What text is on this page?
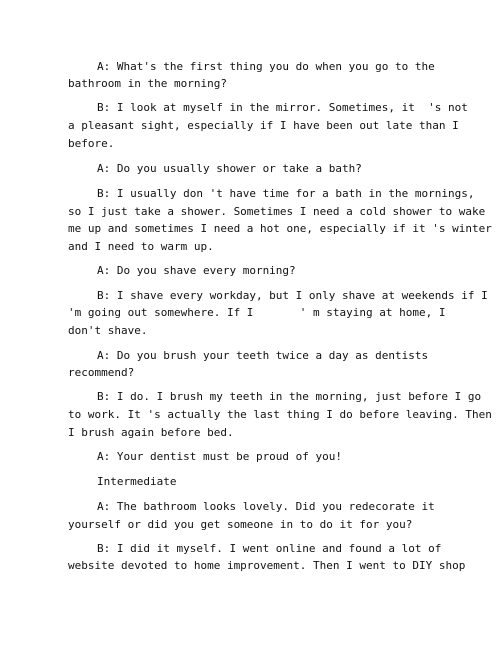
A: What's the first thing you do when you go to the
bathroom in the morning?
B: I look at myself in the mirror. Sometimes, it  's not
a pleasant sight, especially if I have been out late than I
before.
A: Do you usually shower or take a bath?
B: I usually don 't have time for a bath in the mornings,
so I just take a shower. Sometimes I need a cold shower to wake
me up and sometimes I need a hot one, especially if it 's winter
and I need to warm up.
A: Do you shave every morning?
B: I shave every workday, but I only shave at weekends if I
'm going out somewhere. If I       ' m staying at home, I
don't shave.
A: Do you brush your teeth twice a day as dentists
recommend?
B: I do. I brush my teeth in the morning, just before I go
to work. It 's actually the last thing I do before leaving. Then
I brush again before bed.
A: Your dentist must be proud of you!
Intermediate
A: The bathroom looks lovely. Did you redecorate it
yourself or did you get someone in to do it for you?
B: I did it myself. I went online and found a lot of
website devoted to home improvement. Then I went to DIY shop
